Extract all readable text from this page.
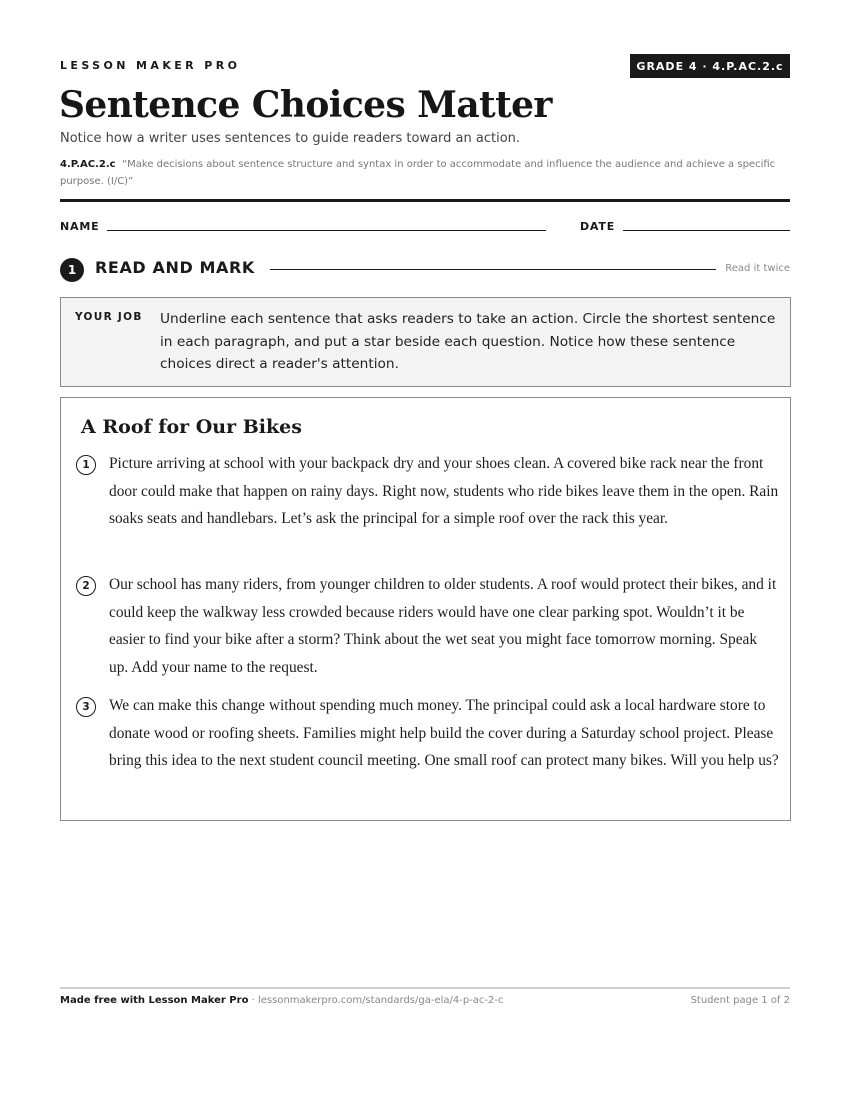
LESSON MAKER PRO	GRADE 4 · 4.P.AC.2.c
Sentence Choices Matter
Notice how a writer uses sentences to guide readers toward an action.
4.P.AC.2.c “Make decisions about sentence structure and syntax in order to accommodate and influence the audience and achieve a specific purpose. (I/C)”
NAME	DATE
1	READ AND MARK	Read it twice
YOUR JOB Underline each sentence that asks readers to take an action. Circle the shortest sentence in each paragraph, and put a star beside each question. Notice how these sentence choices direct a reader's attention.
A Roof for Our Bikes
1	Picture arriving at school with your backpack dry and your shoes clean. A covered bike rack near the front door could make that happen on rainy days. Right now, students who ride bikes leave them in the open. Rain soaks seats and handlebars. Let’s ask the principal for a simple roof over the rack this year.

2	Our school has many riders, from younger children to older students. A roof would protect their bikes, and it could keep the walkway less crowded because riders would have one clear parking spot. Wouldn’t it be easier to find your bike after a storm? Think about the wet seat you might face tomorrow morning. Speak up. Add your name to the request.

3	We can make this change without spending much money. The principal could ask a local hardware store to donate wood or roofing sheets. Families might help build the cover during a Saturday school project. Please bring this idea to the next student council meeting. One small roof can protect many bikes. Will you help us?

Made free with Lesson Maker Pro · lessonmakerpro.com/standards/ga-ela/4-p-ac-2-c	Student page 1 of 2
